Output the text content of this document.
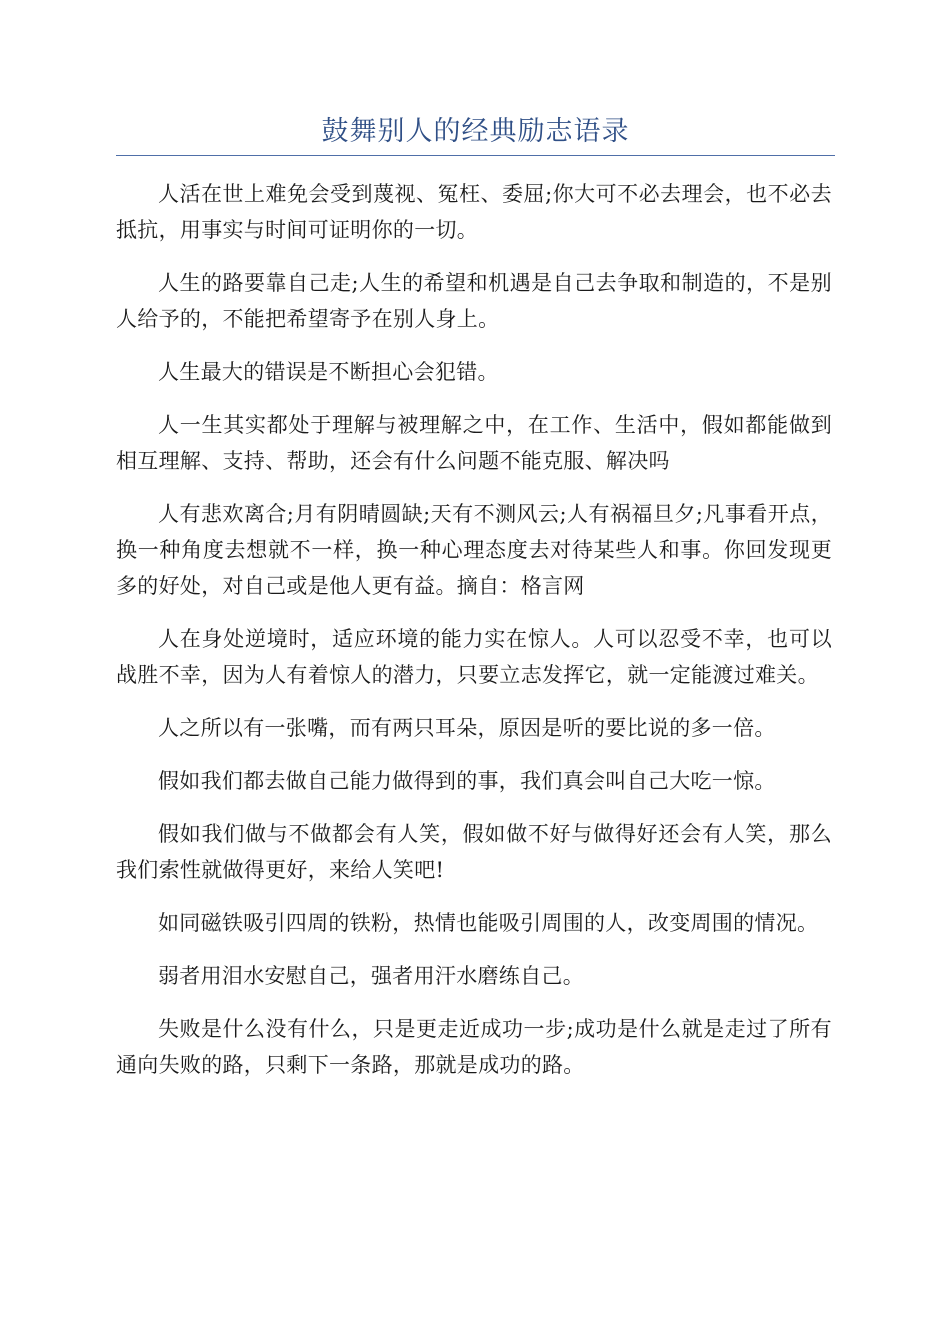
鼓舞别人的经典励志语录

人活在世上难免会受到蔑视、冤枉、委屈;你大可不必去理会，也不必去抵抗，用事实与时间可证明你的一切。

人生的路要靠自己走;人生的希望和机遇是自己去争取和制造的，不是别人给予的，不能把希望寄予在别人身上。

人生最大的错误是不断担心会犯错。

人一生其实都处于理解与被理解之中，在工作、生活中，假如都能做到相互理解、支持、帮助，还会有什么问题不能克服、解决吗

人有悲欢离合;月有阴晴圆缺;天有不测风云;人有祸福旦夕;凡事看开点，换一种角度去想就不一样，换一种心理态度去对待某些人和事。你回发现更多的好处，对自己或是他人更有益。摘自：格言网

人在身处逆境时，适应环境的能力实在惊人。人可以忍受不幸，也可以战胜不幸，因为人有着惊人的潜力，只要立志发挥它，就一定能渡过难关。

人之所以有一张嘴，而有两只耳朵，原因是听的要比说的多一倍。

假如我们都去做自己能力做得到的事，我们真会叫自己大吃一惊。

假如我们做与不做都会有人笑，假如做不好与做得好还会有人笑，那么我们索性就做得更好，来给人笑吧!

如同磁铁吸引四周的铁粉，热情也能吸引周围的人，改变周围的情况。

弱者用泪水安慰自己，强者用汗水磨练自己。

失败是什么没有什么，只是更走近成功一步;成功是什么就是走过了所有通向失败的路，只剩下一条路，那就是成功的路。
